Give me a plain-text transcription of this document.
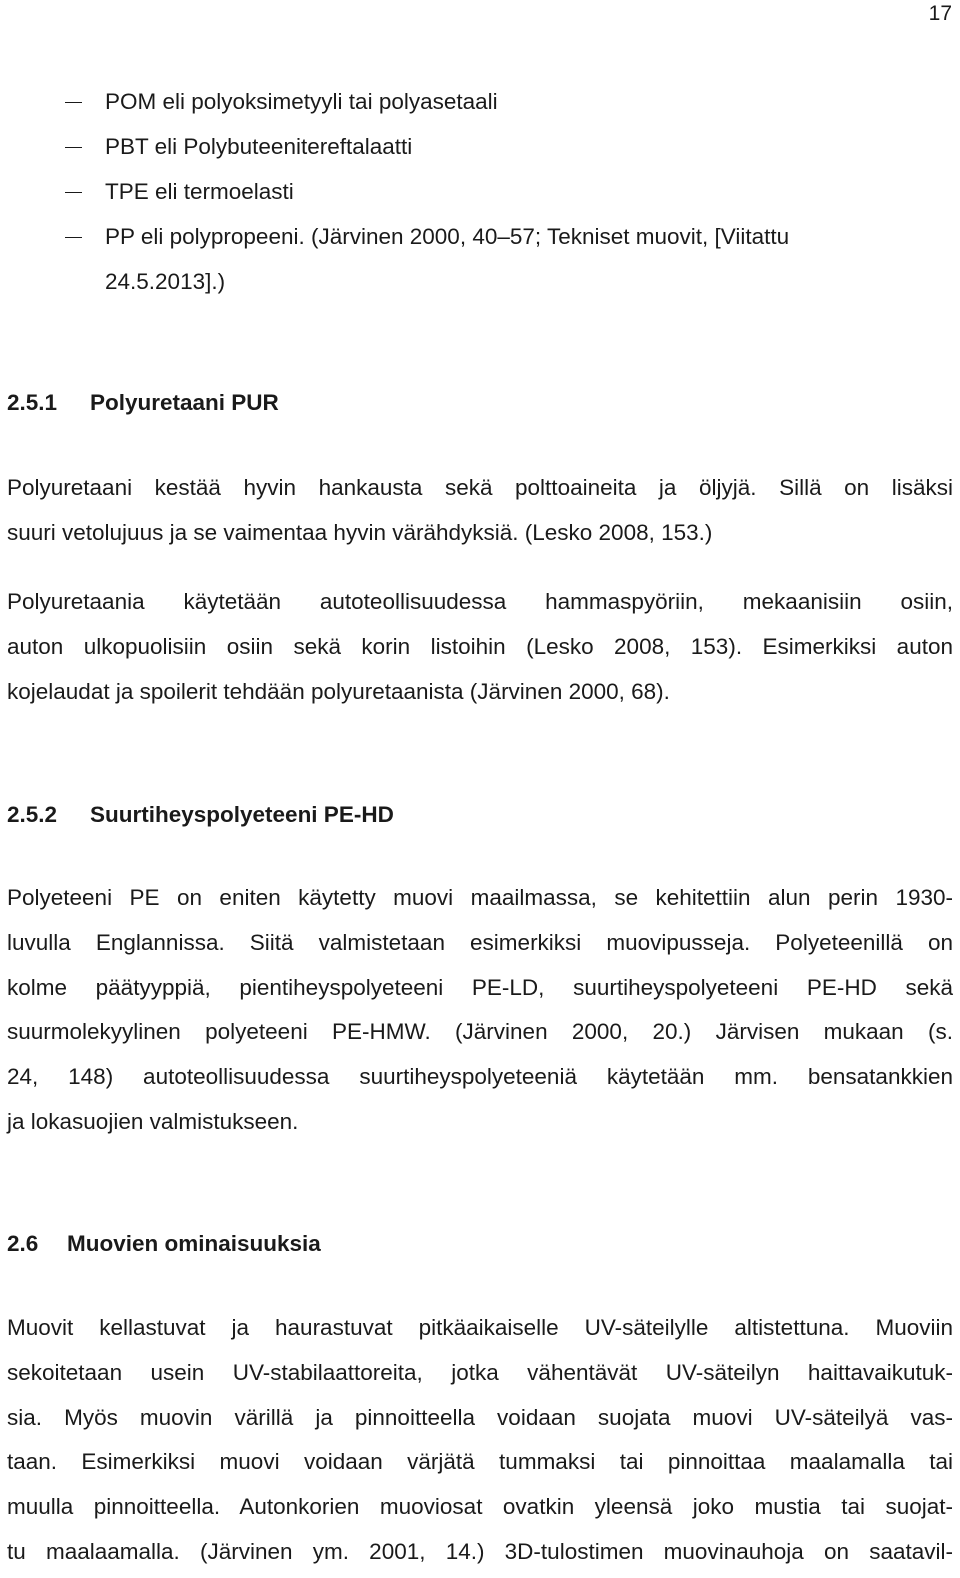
17
POM eli polyoksimetyyli tai polyasetaali
PBT eli Polybuteenitereftalaatti
TPE eli termoelasti
PP eli polypropeeni. (Järvinen 2000, 40–57; Tekniset muovit, [Viitattu
24.5.2013].)
2.5.1 Polyuretaani PUR
Polyuretaani kestää hyvin hankausta sekä polttoaineita ja öljyjä. Sillä on lisäksi
suuri vetolujuus ja se vaimentaa hyvin värähdyksiä. (Lesko 2008, 153.)
Polyuretaania käytetään autoteollisuudessa hammaspyöriin, mekaanisiin osiin,
auton ulkopuolisiin osiin sekä korin listoihin (Lesko 2008, 153). Esimerkiksi auton
kojelaudat ja spoilerit tehdään polyuretaanista (Järvinen 2000, 68).
2.5.2 Suurtiheyspolyeteeni PE-HD
Polyeteeni PE on eniten käytetty muovi maailmassa, se kehitettiin alun perin 1930-
luvulla Englannissa. Siitä valmistetaan esimerkiksi muovipusseja. Polyeteenillä on
kolme päätyyppiä, pientiheyspolyeteeni PE-LD, suurtiheyspolyeteeni PE-HD sekä
suurmolekyylinen polyeteeni PE-HMW. (Järvinen 2000, 20.) Järvisen mukaan (s.
24, 148) autoteollisuudessa suurtiheyspolyeteeniä käytetään mm. bensatankkien
ja lokasuojien valmistukseen.
2.6 Muovien ominaisuuksia
Muovit kellastuvat ja haurastuvat pitkäaikaiselle UV-säteilylle altistettuna. Muoviin
sekoitetaan usein UV-stabilaattoreita, jotka vähentävät UV-säteilyn haittavaikutuk-
sia. Myös muovin värillä ja pinnoitteella voidaan suojata muovi UV-säteilyä vas-
taan. Esimerkiksi muovi voidaan värjätä tummaksi tai pinnoittaa maalamalla tai
muulla pinnoitteella. Autonkorien muoviosat ovatkin yleensä joko mustia tai suojat-
tu maalaamalla. (Järvinen ym. 2001, 14.) 3D-tulostimen muovinauhoja on saatavil-
